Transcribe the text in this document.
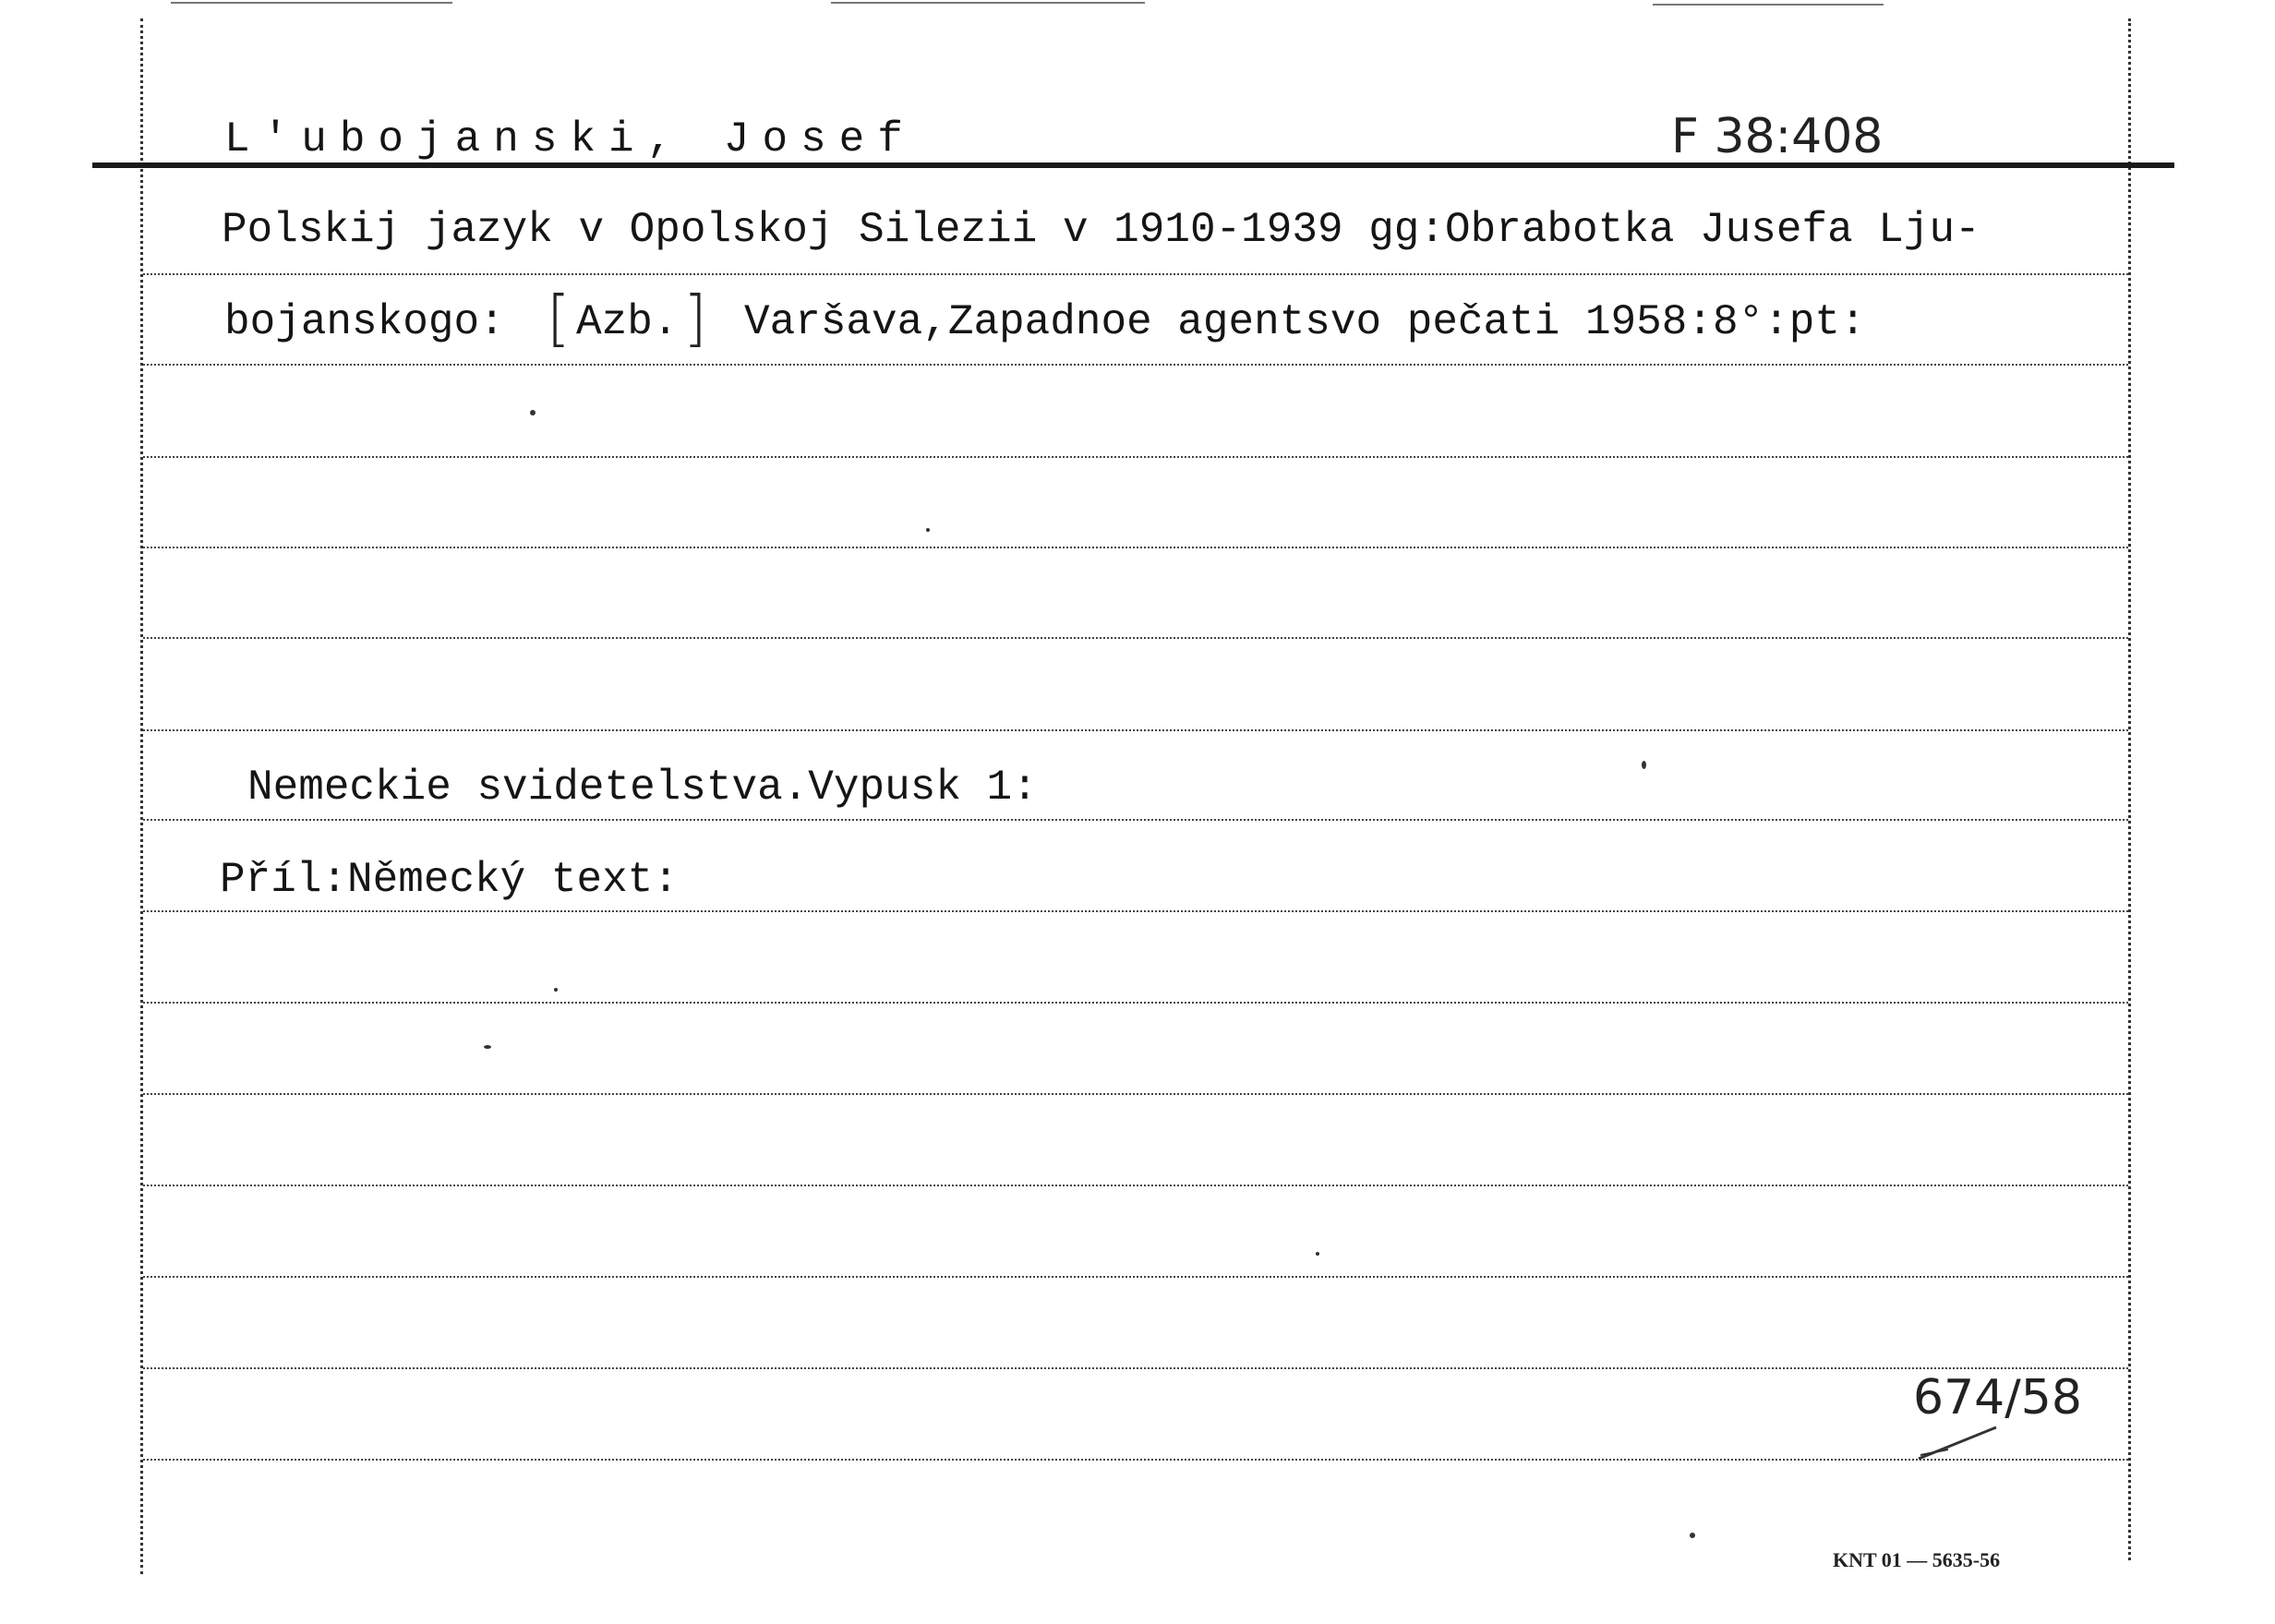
L'ubojanski, Josef	F 38:408
Polskij jazyk v Opolskoj Silezii v 1910-1939 gg:Obrabotka Jusefa Lju-
bojanskogo: [ Azb. ] Varšava,Zapadnoe agentsvo pečati 1958:8°:pt:
Nemeckie svidetelstva.Vypusk 1:
Příl:Německý text:
674/58
KNT 01 — 5635-56
